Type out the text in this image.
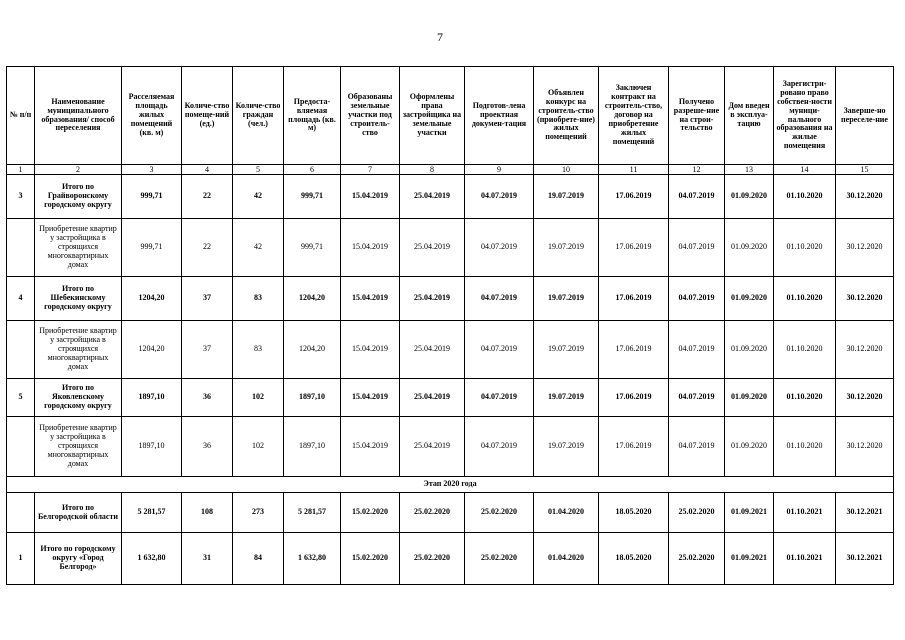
7
№ п/п	Наименование муниципального образования/ способ переселения	Расселяемая площадь жилых помещений (кв. м)	Количе-ство помеще-ний (ед.)	Количе-ство граждан (чел.)	Предоста-вляемая площадь (кв. м)	Образованы земельные участки под строитель-ство	Оформлены права застройщика на земельные участки	Подготов-лена проектная докумен-тация	Объявлен конкурс на строитель-ство (приобрете-ние) жилых помещений	Заключен контракт на строитель-ство, договор на приобретение жилых помещений	Получено разреше-ние на строи-тельство	Дом введен в эксплуа-тацию	Зарегистри-ровано право собствен-ности муници-пального образования на жилые помещения	Заверше-но переселе-ние
1	2	3	4	5	6	7	8	9	10	11	12	13	14	15
3	Итого по Грайворонскому городскому округу	999,71	22	42	999,71	15.04.2019	25.04.2019	04.07.2019	19.07.2019	17.06.2019	04.07.2019	01.09.2020	01.10.2020	30.12.2020
	Приобретение квартир у застройщика в строящихся многоквартирных домах	999,71	22	42	999,71	15.04.2019	25.04.2019	04.07.2019	19.07.2019	17.06.2019	04.07.2019	01.09.2020	01.10.2020	30.12.2020
4	Итого по Шебекинскому городскому округу	1204,20	37	83	1204,20	15.04.2019	25.04.2019	04.07.2019	19.07.2019	17.06.2019	04.07.2019	01.09.2020	01.10.2020	30.12.2020
	Приобретение квартир у застройщика в строящихся многоквартирных домах	1204,20	37	83	1204,20	15.04.2019	25.04.2019	04.07.2019	19.07.2019	17.06.2019	04.07.2019	01.09.2020	01.10.2020	30.12.2020
5	Итого по Яковлевскому городскому округу	1897,10	36	102	1897,10	15.04.2019	25.04.2019	04.07.2019	19.07.2019	17.06.2019	04.07.2019	01.09.2020	01.10.2020	30.12.2020
	Приобретение квартир у застройщика в строящихся многоквартирных домах	1897,10	36	102	1897,10	15.04.2019	25.04.2019	04.07.2019	19.07.2019	17.06.2019	04.07.2019	01.09.2020	01.10.2020	30.12.2020
Этап 2020 года														
	Итого по Белгородской области	5 281,57	108	273	5 281,57	15.02.2020	25.02.2020	25.02.2020	01.04.2020	18.05.2020	25.02.2020	01.09.2021	01.10.2021	30.12.2021
1	Итого по городскому округу «Город Белгород»	1 632,80	31	84	1 632,80	15.02.2020	25.02.2020	25.02.2020	01.04.2020	18.05.2020	25.02.2020	01.09.2021	01.10.2021	30.12.2021
